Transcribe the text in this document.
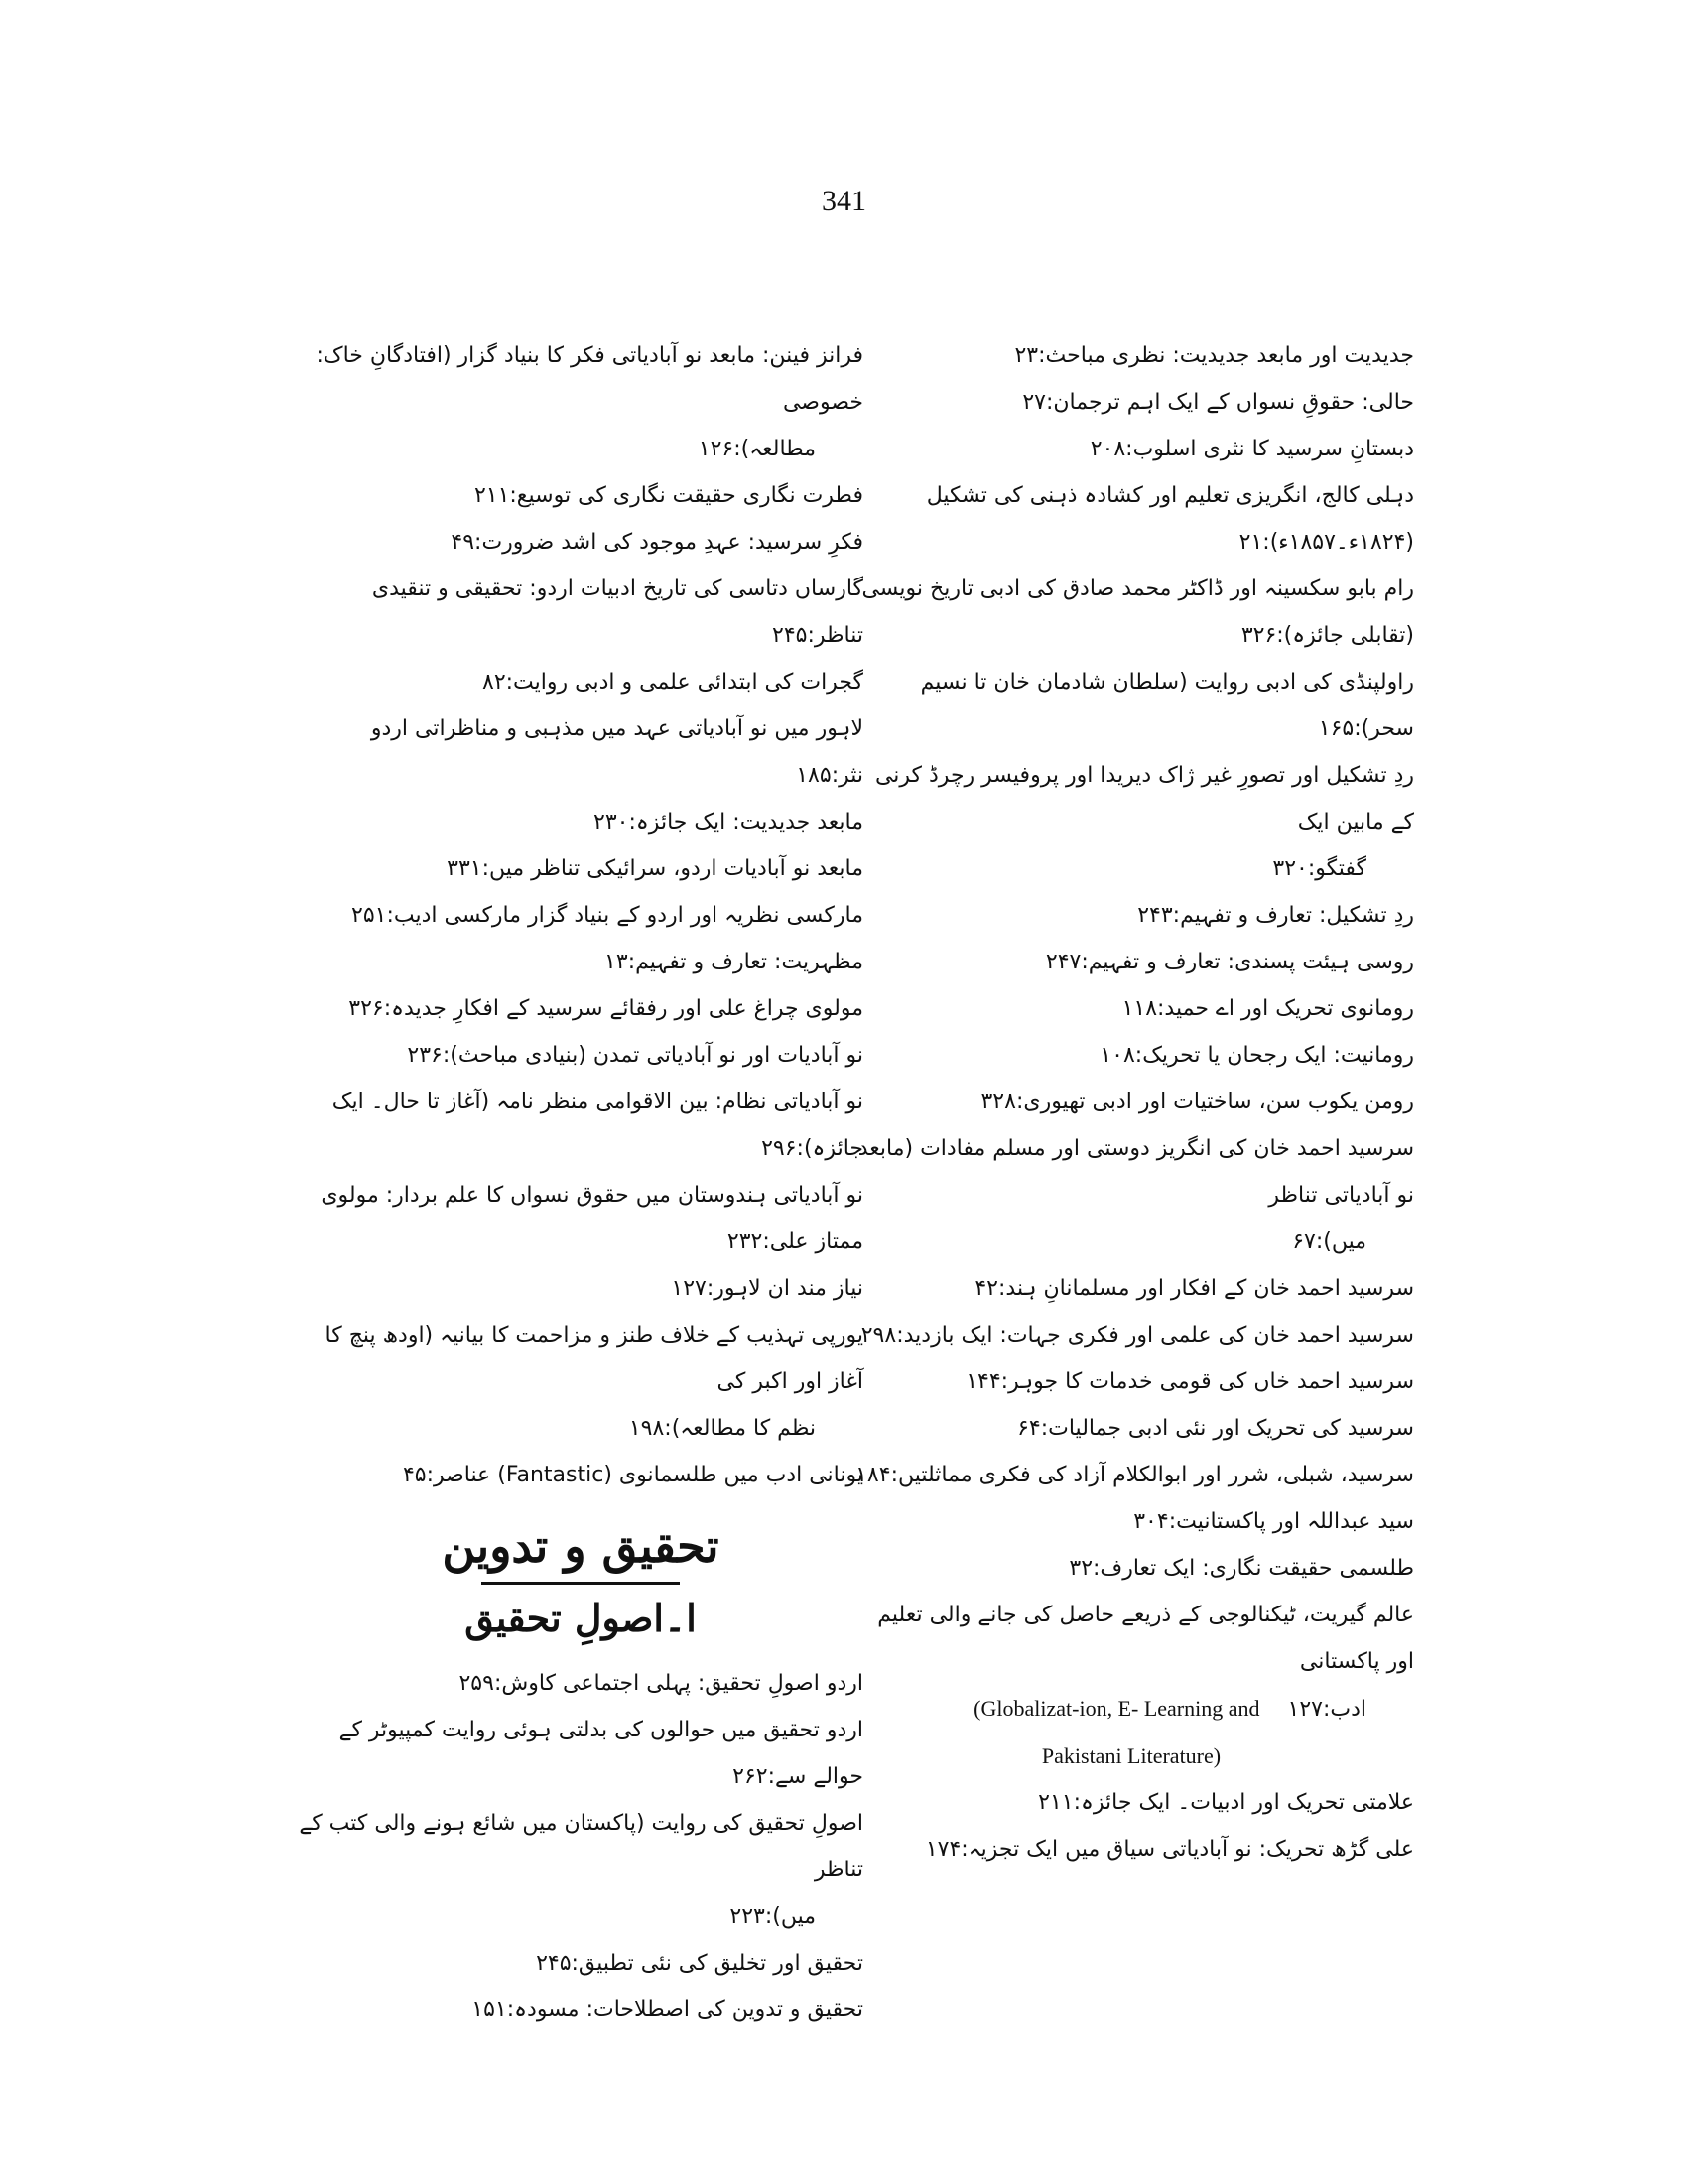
341

جدیدیت اور مابعد جدیدیت: نظری مباحث:۲۳

حالی: حقوقِ نسواں کے ایک اہم ترجمان:۲۷

دبستانِ سرسید کا نثری اسلوب:۲۰۸

دہلی کالج، انگریزی تعلیم اور کشادہ ذہنی کی تشکیل (۱۸۲۴ء۔۱۸۵۷ء):۲۱

رام بابو سکسینہ اور ڈاکٹر محمد صادق کی ادبی تاریخ نویسی (تقابلی جائزہ):۳۲۶

راولپنڈی کی ادبی روایت (سلطان شادمان خان تا نسیم سحر):۱۶۵

ردِ تشکیل اور تصورِ غیر ژاک دیریدا اور پروفیسر رچرڈ کرنی کے مابین ایک
گفتگو:۳۲۰

ردِ تشکیل: تعارف و تفہیم:۲۴۳

روسی ہیئت پسندی: تعارف و تفہیم:۲۴۷

رومانوی تحریک اور اے حمید:۱۱۸

رومانیت: ایک رجحان یا تحریک:۱۰۸

رومن یکوب سن، ساختیات اور ادبی تھیوری:۳۲۸

سرسید احمد خان کی انگریز دوستی اور مسلم مفادات (مابعد نو آبادیاتی تناظر
میں):۶۷

سرسید احمد خان کے افکار اور مسلمانانِ ہند:۴۲

سرسید احمد خان کی علمی اور فکری جہات: ایک بازدید:۲۹۸

سرسید احمد خاں کی قومی خدمات کا جوہر:۱۴۴

سرسید کی تحریک اور نئی ادبی جمالیات:۶۴

سرسید، شبلی، شرر اور ابوالکلام آزاد کی فکری مماثلتیں:۱۸۴

سید عبداللہ اور پاکستانیت:۳۰۴

طلسمی حقیقت نگاری: ایک تعارف:۳۲

عالم گیریت، ٹیکنالوجی کے ذریعے حاصل کی جانے والی تعلیم اور پاکستانی
ادب:۱۲۷    (Globalizat-ion, E- Learning and
Pakistani Literature)

علامتی تحریک اور ادبیات۔ ایک جائزہ:۲۱۱

علی گڑھ تحریک: نو آبادیاتی سیاق میں ایک تجزیہ:۱۷۴

فرانز فینن: مابعد نو آبادیاتی فکر کا بنیاد گزار (افتادگانِ خاک: خصوصی
مطالعہ):۱۲۶

فطرت نگاری حقیقت نگاری کی توسیع:۲۱۱

فکرِ سرسید: عہدِ موجود کی اشد ضرورت:۴۹

گارساں دتاسی کی تاریخ ادبیات اردو: تحقیقی و تنقیدی تناظر:۲۴۵

گجرات کی ابتدائی علمی و ادبی روایت:۸۲

لاہور میں نو آبادیاتی عہد میں مذہبی و مناظراتی اردو نثر:۱۸۵

مابعد جدیدیت: ایک جائزہ:۲۳۰

مابعد نو آبادیات اردو، سرائیکی تناظر میں:۳۳۱

مارکسی نظریہ اور اردو کے بنیاد گزار مارکسی ادیب:۲۵۱

مظہریت: تعارف و تفہیم:۱۳

مولوی چراغ علی اور رفقائے سرسید کے افکارِ جدیدہ:۳۲۶

نو آبادیات اور نو آبادیاتی تمدن (بنیادی مباحث):۲۳۶

نو آبادیاتی نظام: بین الاقوامی منظر نامہ (آغاز تا حال۔ ایک جائزہ):۲۹۶

نو آبادیاتی ہندوستان میں حقوق نسواں کا علم بردار: مولوی ممتاز علی:۲۳۲

نیاز مند ان لاہور:۱۲۷

یورپی تہذیب کے خلاف طنز و مزاحمت کا بیانیہ (اودھ پنچ کا آغاز اور اکبر کی
نظم کا مطالعہ):۱۹۸

یونانی ادب میں طلسمانوی (Fantastic) عناصر:۴۵

تحقیق و تدوین
ا۔اصولِ تحقیق

اردو اصولِ تحقیق: پہلی اجتماعی کاوش:۲۵۹

اردو تحقیق میں حوالوں کی بدلتی ہوئی روایت کمپیوٹر کے حوالے سے:۲۶۲

اصولِ تحقیق کی روایت (پاکستان میں شائع ہونے والی کتب کے تناظر
میں):۲۲۳

تحقیق اور تخلیق کی نئی تطبیق:۲۴۵

تحقیق و تدوین کی اصطلاحات: مسودہ:۱۵۱
